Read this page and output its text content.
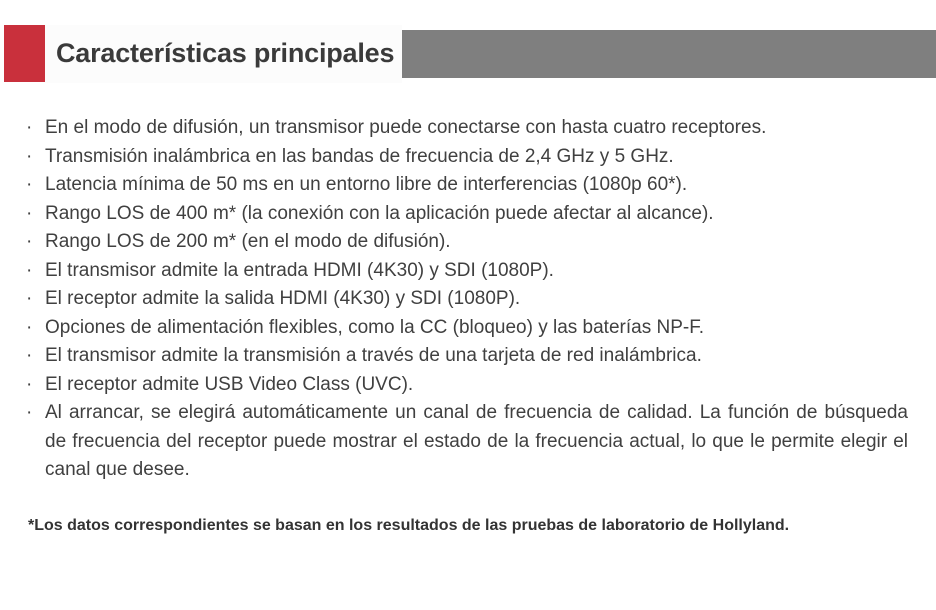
Características principales
· En el modo de difusión, un transmisor puede conectarse con hasta cuatro receptores.
· Transmisión inalámbrica en las bandas de frecuencia de 2,4 GHz y 5 GHz.
· Latencia mínima de 50 ms en un entorno libre de interferencias (1080p 60*).
· Rango LOS de 400 m* (la conexión con la aplicación puede afectar al alcance).
· Rango LOS de 200 m* (en el modo de difusión).
· El transmisor admite la entrada HDMI (4K30) y SDI (1080P).
· El receptor admite la salida HDMI (4K30) y SDI (1080P).
· Opciones de alimentación flexibles, como la CC (bloqueo) y las baterías NP-F.
· El transmisor admite la transmisión a través de una tarjeta de red inalámbrica.
· El receptor admite USB Video Class (UVC).
· Al arrancar, se elegirá automáticamente un canal de frecuencia de calidad. La función de búsqueda de frecuencia del receptor puede mostrar el estado de la frecuencia actual, lo que le permite elegir el canal que desee.
*Los datos correspondientes se basan en los resultados de las pruebas de laboratorio de Hollyland.
